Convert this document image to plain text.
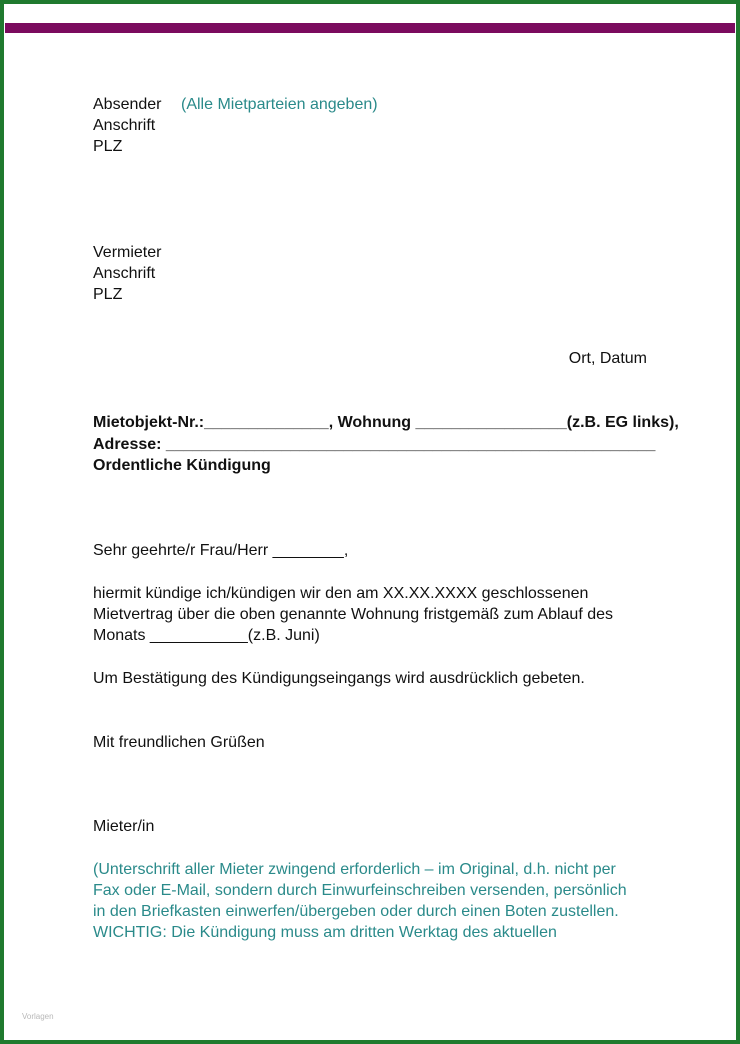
Absender (Alle Mietparteien angeben)
Anschrift
PLZ
Vermieter
Anschrift
PLZ
Ort, Datum
Mietobjekt-Nr.:______________, Wohnung _________________(z.B. EG links),
Adresse: _______________________________________________________
Ordentliche Kündigung
Sehr geehrte/r Frau/Herr ________,
hiermit kündige ich/kündigen wir den am XX.XX.XXXX geschlossenen
Mietvertrag über die oben genannte Wohnung fristgemäß zum Ablauf des
Monats ___________(z.B. Juni)
Um Bestätigung des Kündigungseingangs wird ausdrücklich gebeten.
Mit freundlichen Grüßen
Mieter/in
(Unterschrift aller Mieter zwingend erforderlich – im Original, d.h. nicht per
Fax oder E-Mail, sondern durch Einwurfeinschreiben versenden, persönlich
in den Briefkasten einwerfen/übergeben oder durch einen Boten zustellen.
WICHTIG: Die Kündigung muss am dritten Werktag des aktuellen
Vorlagen
